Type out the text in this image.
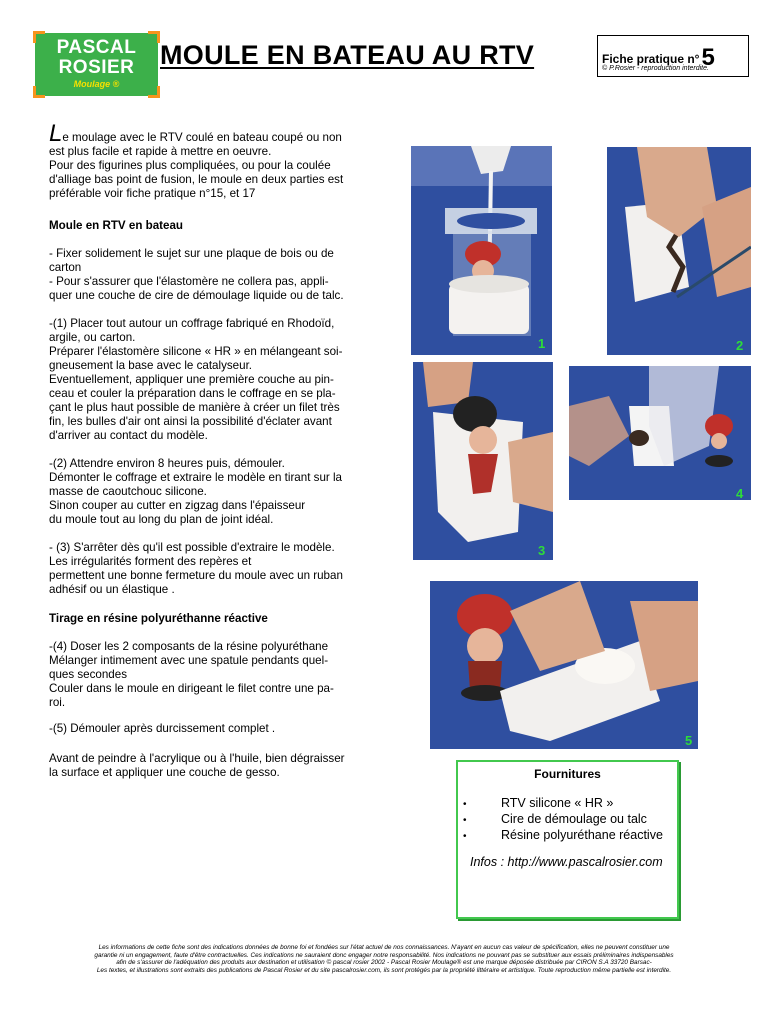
PASCAL
ROSIER
Moulage ®
MOULE EN BATEAU AU RTV	Fiche pratique n°5
© P.Rosier - reproduction interdite.
Le moulage avec le RTV coulé en bateau coupé ou non
est plus facile et rapide à mettre en oeuvre.
Pour des figurines plus compliquées, ou pour la coulée
d'alliage bas point de fusion, le moule en deux parties est
préférable voir fiche pratique n°15, et 17
Moule en RTV en bateau
- Fixer solidement le sujet sur une plaque de bois ou de
carton
- Pour s'assurer que l'élastomère ne collera pas, appli-
quer une couche de cire de démoulage liquide ou de talc.
-(1) Placer tout autour un coffrage fabriqué en Rhodoïd,
argile, ou carton.
Préparer l'élastomère silicone « HR » en mélangeant soi-
gneusement la base avec le catalyseur.
Eventuellement, appliquer une première couche au pin-
ceau et couler la préparation dans le coffrage en se pla-
çant le plus haut possible de manière à créer un filet très
fin, les bulles d'air ont ainsi la possibilité d'éclater avant
d'arriver au contact du modèle.
-(2) Attendre environ 8 heures puis, démouler.
Démonter le coffrage et extraire le modèle en tirant sur la
masse de caoutchouc silicone.
Sinon couper au cutter en zigzag dans l'épaisseur
du moule tout au long du plan de joint idéal.
- (3) S'arrêter dès qu'il est possible d'extraire le modèle.
Les irrégularités forment des repères et
permettent une bonne fermeture du moule avec un ruban
adhésif ou un élastique .
Tirage en résine polyuréthanne réactive
-(4) Doser les 2 composants de la résine polyuréthane
Mélanger intimement avec une spatule pendants quel-
ques secondes
Couler dans le moule en dirigeant le filet contre une pa-
roi.
-(5) Démouler après durcissement complet .
Avant de peindre à l'acrylique ou à l'huile, bien dégraisser
la surface et appliquer une couche de gesso.
1	2
3
4
5
Fournitures
•	RTV silicone « HR »
•	Cire de démoulage ou talc
•	Résine polyuréthane réactive
Infos : http://www.pascalrosier.com
Les informations de cette fiche sont des indications données de bonne foi et fondées sur l'état actuel de nos connaissances. N'ayant en aucun cas valeur de spécification, elles ne peuvent constituer une
garantie ni un engagement, faute d'être contractuelles. Ces indications ne sauraient donc engager notre responsabilité. Nos indications ne pouvant pas se substituer aux essais préliminaires indispensables
afin de s'assurer de l'adéquation des produits aux destination et utilisation © pascal rosier 2002 - Pascal Rosier Moulage® est une marque déposée distribuée par CIRON S.A 33720 Barsac-
Les textes, et illustrations sont extraits des publications de Pascal Rosier et du site pascalrosier.com, ils sont protégés par la propriété littéraire et artistique. Toute reproduction même partielle est interdite.
